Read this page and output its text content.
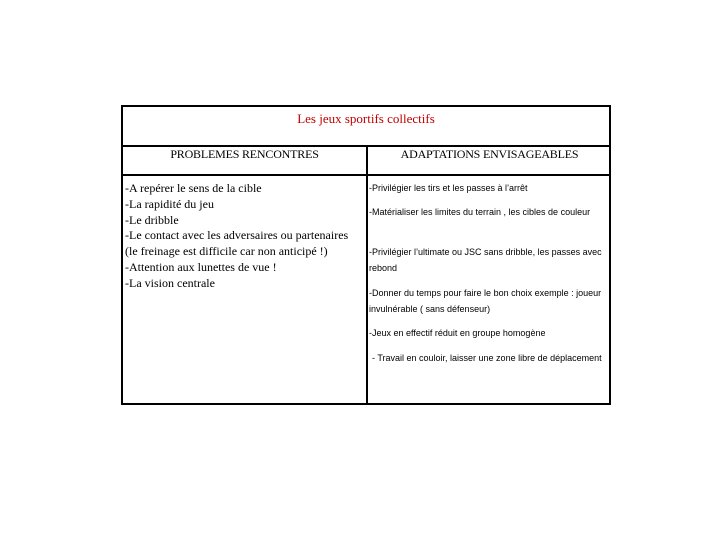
Les jeux sportifs collectifs
PROBLEMES RENCONTRES	ADAPTATIONS ENVISAGEABLES
-A repérer le sens de la cible
-La rapidité du jeu
-Le dribble
-Le contact avec les adversaires ou partenaires
(le freinage est difficile car non anticipé !)
-Attention aux lunettes de vue !
-La vision centrale
-Privilégier les tirs et les passes à l’arrêt
-Matérialiser les limites du terrain , les cibles de couleur
-Privilégier l’ultimate ou JSC sans dribble, les passes avec rebond
-Donner du temps pour faire le bon choix exemple : joueur invulnérable ( sans défenseur)
-Jeux en effectif réduit en groupe homogène
- Travail en couloir, laisser une zone libre de déplacement
